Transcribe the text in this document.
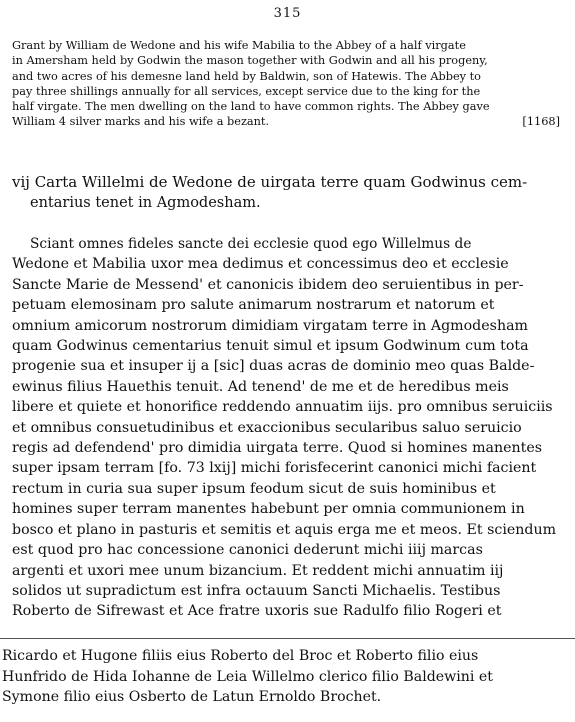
315
Grant by William de Wedone and his wife Mabilia to the Abbey of a half virgate
in Amersham held by Godwin the mason together with Godwin and all his progeny,
and two acres of his demesne land held by Baldwin, son of Hatewis. The Abbey to
pay three shillings annually for all services, except service due to the king for the
half virgate. The men dwelling on the land to have common rights. The Abbey gave
William 4 silver marks and his wife a bezant.	[1168]
vij Carta Willelmi de Wedone de uirgata terre quam Godwinus cem-
entarius tenet in Agmodesham.
Sciant omnes fideles sancte dei ecclesie quod ego Willelmus de
Wedone et Mabilia uxor mea dedimus et concessimus deo et ecclesie
Sancte Marie de Messend' et canonicis ibidem deo seruientibus in per-
petuam elemosinam pro salute animarum nostrarum et natorum et
omnium amicorum nostrorum dimidiam virgatam terre in Agmodesham
quam Godwinus cementarius tenuit simul et ipsum Godwinum cum tota
progenie sua et insuper ij a [sic] duas acras de dominio meo quas Balde-
ewinus filius Hauethis tenuit. Ad tenend' de me et de heredibus meis
libere et quiete et honorifice reddendo annuatim iijs. pro omnibus seruiciis
et omnibus consuetudinibus et exaccionibus secularibus saluo seruicio
regis ad defendend' pro dimidia uirgata terre. Quod si homines manentes
super ipsam terram [fo. 73 lxij] michi forisfecerint canonici michi facient
rectum in curia sua super ipsum feodum sicut de suis hominibus et
homines super terram manentes habebunt per omnia communionem in
bosco et plano in pasturis et semitis et aquis erga me et meos. Et sciendum
est quod pro hac concessione canonici dederunt michi iiij marcas
argenti et uxori mee unum bizancium. Et reddent michi annuatim iij
solidos ut supradictum est infra octauum Sancti Michaelis. Testibus
Roberto de Sifrewast et Ace fratre uxoris sue Radulfo filio Rogeri et
Ricardo et Hugone filiis eius Roberto del Broc et Roberto filio eius
Hunfrido de Hida Iohanne de Leia Willelmo clerico filio Baldewini et
Symone filio eius Osberto de Latun Ernoldo Brochet.
